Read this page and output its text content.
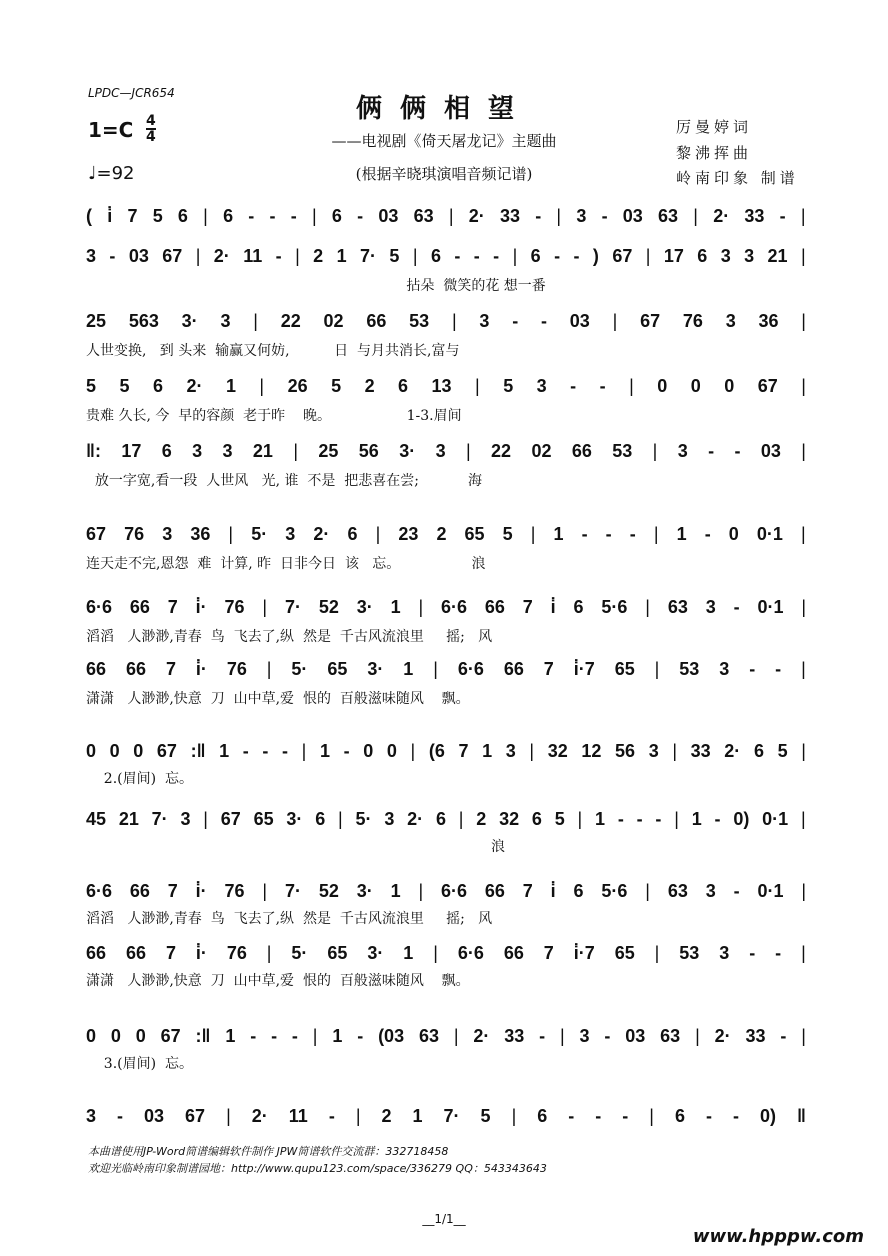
LPDC—JCR654
俩俩相望
$1=C \frac{4}{4}$
♩=92
——电视剧《倚天屠龙记》主题曲
(根据辛晓琪演唱音频记谱)
厉曼婷词
黎沸挥曲
岭南印象 制谱
( i̇ 7 5 6 | 6 - - - | 6 - 03 63 | 2· 33 - | 3 - 03 63 | 2· 33 - |
3 - 03 67 | 2· 11 - | 2 1 7· 5 | 6 - - - | 6 - - ) 67 | 17 6 3 3 21 |
拈朵  微笑的花 想一番
25 563 3· 3 | 22 02 66 53 | 3 - - 03 | 67 76 3 36 |
人世变换,   到 头来  输赢又何妨,          日  与月共消长,富与
5 5 6 2· 1 | 26 5 2 6 13 | 5 3 - - | 0 0 0 67 |
贵难 久长, 今  早的容颜  老于昨    晚。                 1-3.眉间
‖: 17 6 3 3 21 | 25 56 3· 3 | 22 02 66 53 | 3 - - 03 |
放一字宽,看一段  人世风   光, 谁  不是  把悲喜在尝;           海
67 76 3 36 | 5· 3 2· 6 | 23 2 65 5 | 1 - - - | 1 - 0 0·1 |
连天走不完,恩怨  难  计算, 昨  日非今日  该   忘。                浪
6·6 66 7 i̇· 76 | 7· 52 3· 1 | 6·6 66 7 i̇ 6 5·6 | 63 3 - 0·1 |
滔滔   人渺渺,青春  鸟  飞去了,纵  然是  千古风流浪里     摇;   风
66 66 7 i̇· 76 | 5· 65 3· 1 | 6·6 66 7 i̇·7 65 | 53 3 - - |
潇潇   人渺渺,快意  刀  山中草,爱  恨的  百般滋味随风    飘。
0 0 0 67 :‖ 1 - - - | 1 - 0 0 | (6 7 1 3 | 32 12 56 3 | 33 2· 6 5 |
2.(眉间)  忘。
45 21 7· 3 | 67 65 3· 6 | 5· 3 2· 6 | 2 32 6 5 | 1 - - - | 1 - 0) 0·1 |
浪
6·6 66 7 i̇· 76 | 7· 52 3· 1 | 6·6 66 7 i̇ 6 5·6 | 63 3 - 0·1 |
滔滔   人渺渺,青春  鸟  飞去了,纵  然是  千古风流浪里     摇;   风
66 66 7 i̇· 76 | 5· 65 3· 1 | 6·6 66 7 i̇·7 65 | 53 3 - - |
潇潇   人渺渺,快意  刀  山中草,爱  恨的  百般滋味随风    飘。
0 0 0 67 :‖ 1 - - - | 1 - (03 63 | 2· 33 - | 3 - 03 63 | 2· 33 - |
3.(眉间)  忘。
3 - 03 67 | 2· 11 - | 2 1 7· 5 | 6 - - - | 6 - - 0) ‖
本曲谱使用JP-Word简谱编辑软件制作 JPW简谱软件交流群：332718458
欢迎光临岭南印象制谱园地：http://www.qupu123.com/space/336279 QQ：543343643
__1/1__
www.hpppw.com
